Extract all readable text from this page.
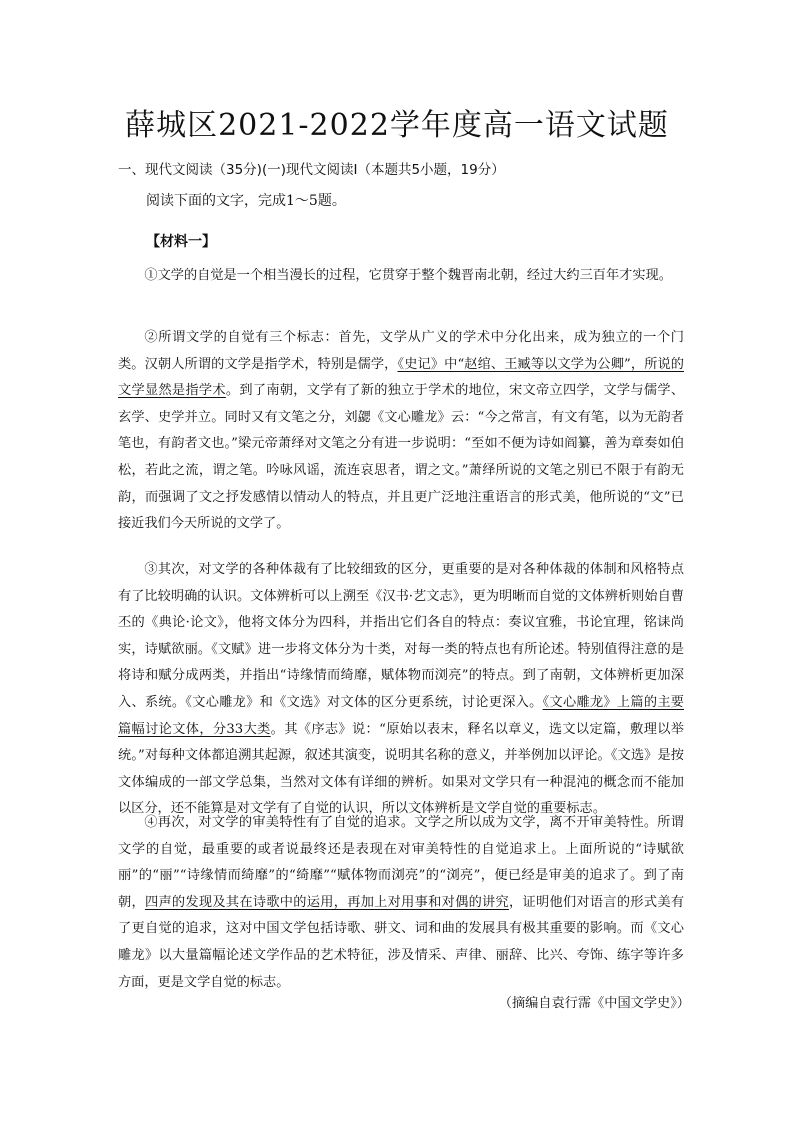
薛城区2021-2022学年度高一语文试题

一、现代文阅读（35分)(一)现代文阅读Ⅰ（本题共5小题，19分）

阅读下面的文字，完成1～5题。

【材料一】

①文学的自觉是一个相当漫长的过程，它贯穿于整个魏晋南北朝，经过大约三百年才实现。

②所谓文学的自觉有三个标志：首先，文学从广义的学术中分化出来，成为独立的一个门类。汉朝人所谓的文学是指学术，特别是儒学，《史记》中“赵绾、王臧等以文学为公卿”，所说的文学显然是指学术。到了南朝，文学有了新的独立于学术的地位，宋文帝立四学，文学与儒学、玄学、史学并立。同时又有文笔之分，刘勰《文心雕龙》云：“今之常言，有文有笔，以为无韵者笔也，有韵者文也。”梁元帝萧绎对文笔之分有进一步说明：“至如不便为诗如阎纂，善为章奏如伯松，若此之流，谓之笔。吟咏风谣，流连哀思者，谓之文。”萧绎所说的文笔之别已不限于有韵无韵，而强调了文之抒发感情以情动人的特点，并且更广泛地注重语言的形式美，他所说的“文”已接近我们今天所说的文学了。

③其次，对文学的各种体裁有了比较细致的区分，更重要的是对各种体裁的体制和风格特点有了比较明确的认识。文体辨析可以上溯至《汉书·艺文志》，更为明晰而自觉的文体辨析则始自曹丕的《典论·论文》，他将文体分为四科，并指出它们各自的特点：奏议宜雅，书论宜理，铭诔尚实，诗赋欲丽。《文赋》进一步将文体分为十类，对每一类的特点也有所论述。特别值得注意的是将诗和赋分成两类，并指出“诗缘情而绮靡，赋体物而浏亮”的特点。到了南朝，文体辨析更加深入、系统。《文心雕龙》和《文选》对文体的区分更系统，讨论更深入。《文心雕龙》上篇的主要篇幅讨论文体，分33大类。其《序志》说：“原始以表末，释名以章义，选文以定篇，敷理以举统。”对每种文体都追溯其起源，叙述其演变，说明其名称的意义，并举例加以评论。《文选》是按文体编成的一部文学总集，当然对文体有详细的辨析。如果对文学只有一种混沌的概念而不能加以区分，还不能算是对文学有了自觉的认识，所以文体辨析是文学自觉的重要标志。

④再次，对文学的审美特性有了自觉的追求。文学之所以成为文学，离不开审美特性。所谓文学的自觉，最重要的或者说最终还是表现在对审美特性的自觉追求上。上面所说的“诗赋欲丽”的“丽”“诗缘情而绮靡”的“绮靡”“赋体物而浏亮”的“浏亮”，便已经是审美的追求了。到了南朝，四声的发现及其在诗歌中的运用，再加上对用事和对偶的讲究，证明他们对语言的形式美有了更自觉的追求，这对中国文学包括诗歌、骈文、词和曲的发展具有极其重要的影响。而《文心雕龙》以大量篇幅论述文学作品的艺术特征，涉及情采、声律、丽辞、比兴、夸饰、练字等许多方面，更是文学自觉的标志。

（摘编自袁行霈《中国文学史》）
